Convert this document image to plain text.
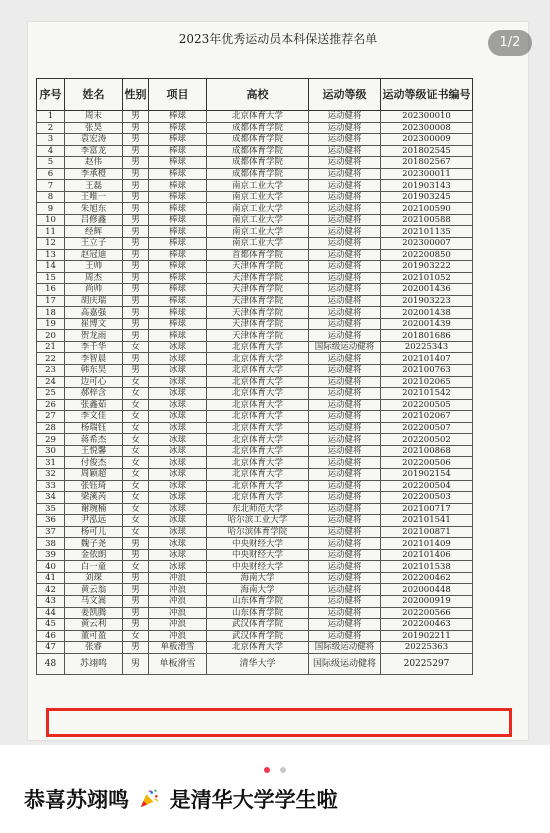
2023年优秀运动员本科保送推荐名单
序号	姓名	性别	项目	高校	运动等级	运动等级证书编号
1	周末	男	棒球	北京体育大学	运动健将	202300010
2	张昊	男	棒球	成都体育学院	运动健将	202300008
3	袁宏涛	男	棒球	成都体育学院	运动健将	202300009
4	李富龙	男	棒球	成都体育学院	运动健将	201802545
5	赵伟	男	棒球	成都体育学院	运动健将	201802567
6	李承橙	男	棒球	成都体育学院	运动健将	202300011
7	王磊	男	棒球	南京工业大学	运动健将	201903143
8	王唯一	男	棒球	南京工业大学	运动健将	201903245
9	朱旭东	男	棒球	南京工业大学	运动健将	202100590
10	吕修鑫	男	棒球	南京工业大学	运动健将	202100588
11	经辉	男	棒球	南京工业大学	运动健将	202101135
12	王立子	男	棒球	南京工业大学	运动健将	202300007
13	赵冠迪	男	棒球	首都体育学院	运动健将	202200850
14	王帅	男	棒球	天津体育学院	运动健将	201903222
15	周杰	男	棒球	天津体育学院	运动健将	202101052
16	尚帅	男	棒球	天津体育学院	运动健将	202001436
17	胡庆瑞	男	棒球	天津体育学院	运动健将	201903223
18	高嘉强	男	棒球	天津体育学院	运动健将	202001438
19	崔博文	男	棒球	天津体育学院	运动健将	202001439
20	贺龙雨	男	棒球	天津体育学院	运动健将	201801686
21	李千华	女	冰球	北京体育大学	国际级运动健将	20225343
22	李智晨	男	冰球	北京体育大学	运动健将	202101407
23	韩东昊	男	冰球	北京体育大学	运动健将	202100763
24	边可心	女	冰球	北京体育大学	运动健将	202102065
25	郝梓含	女	冰球	北京体育大学	运动健将	202101542
26	张鑫茹	女	冰球	北京体育大学	运动健将	202200505
27	李文佳	女	冰球	北京体育大学	运动健将	202102067
28	杨瑞钰	女	冰球	北京体育大学	运动健将	202200507
29	蒋希杰	女	冰球	北京体育大学	运动健将	202200502
30	王悦馨	女	冰球	北京体育大学	运动健将	202100868
31	付俊杰	女	冰球	北京体育大学	运动健将	202200506
32	周颖超	女	冰球	北京体育大学	运动健将	201902154
33	张钰琦	女	冰球	北京体育大学	运动健将	202200504
34	梁溪芮	女	冰球	北京体育大学	运动健将	202200503
35	谢琬楠	女	冰球	东北师范大学	运动健将	202100717
36	尹泓远	女	冰球	哈尔滨工业大学	运动健将	202101541
37	杨可儿	女	冰球	哈尔滨体育学院	运动健将	202100871
38	魏子尧	男	冰球	中央财经大学	运动健将	202101409
39	金依朗	男	冰球	中央财经大学	运动健将	202101406
40	白一童	女	冰球	中央财经大学	运动健将	202101538
41	刘琛	男	冲浪	海南大学	运动健将	202200462
42	黄云翁	男	冲浪	海南大学	运动健将	202000448
43	马文嵩	男	冲浪	山东体育学院	运动健将	202000919
44	姜凯腾	男	冲浪	山东体育学院	运动健将	202200566
45	黄云利	男	冲浪	武汉体育学院	运动健将	202200463
46	董可盈	女	冲浪	武汉体育学院	运动健将	201902211
47	张睿	男	单板滑雪	北京体育大学	国际级运动健将	20225363
48	苏翊鸣	男	单板滑雪	清华大学	国际级运动健将	20225297
1/2

恭喜苏翊鸣 是清华大学学生啦
